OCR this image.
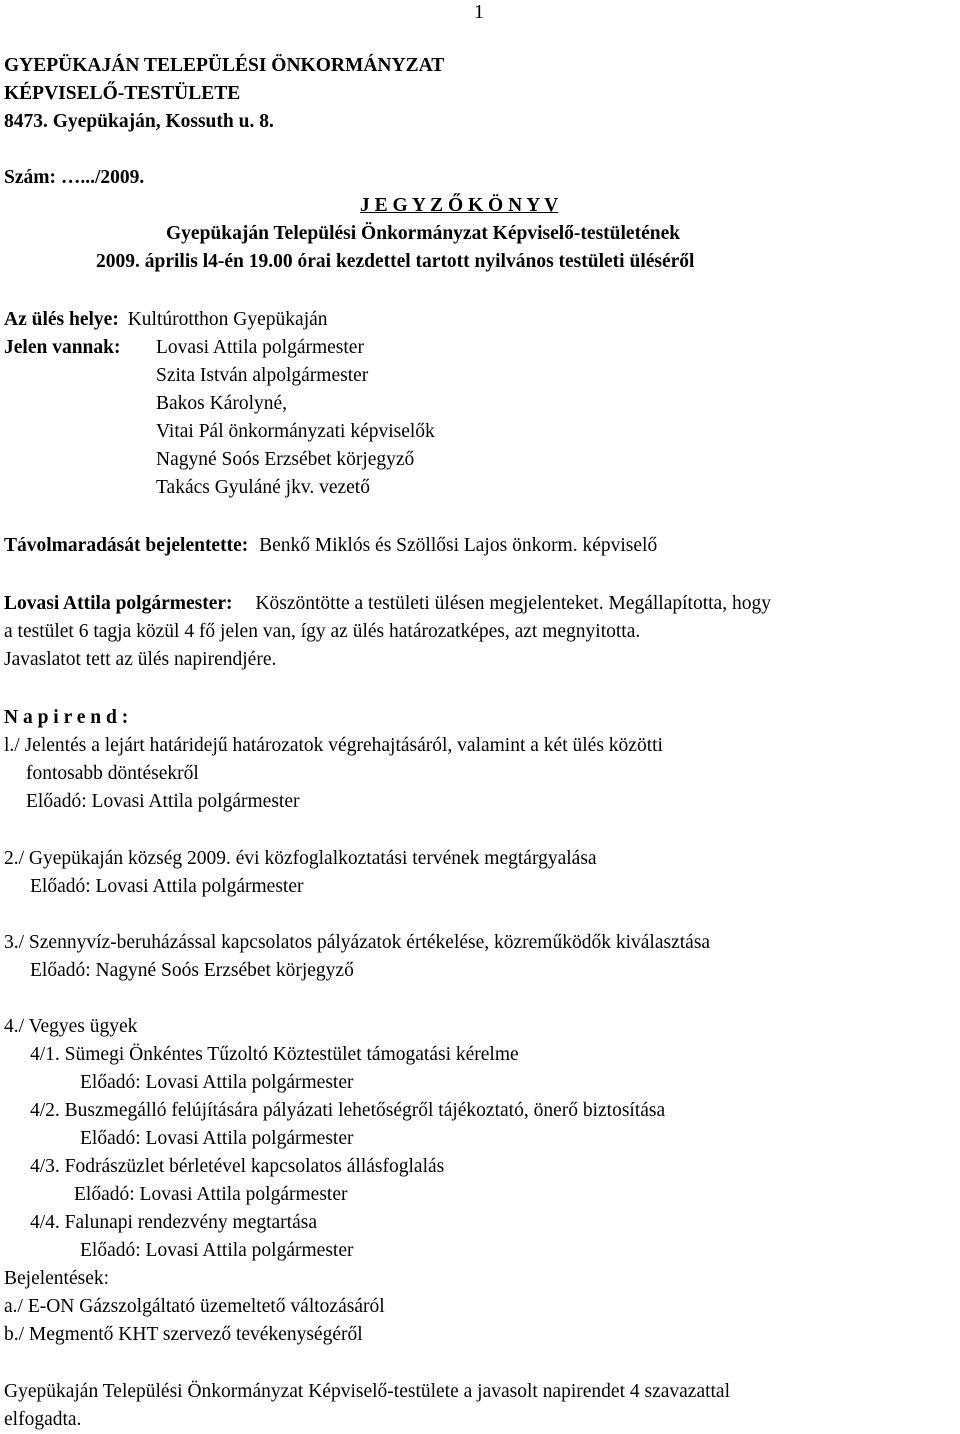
1
GYEPÜKAJÁN TELEPÜLÉSI ÖNKORMÁNYZAT
KÉPVISELŐ-TESTÜLETE
8473. Gyepükaján, Kossuth u. 8.
Szám: ….../2009.
J E G Y Z Ő K Ö N Y V
Gyepükaján Települési Önkormányzat Képviselő-testületének
2009. április l4-én 19.00 órai kezdettel tartott nyilvános testületi üléséről
Az ülés helye: Kultúrotthon Gyepükaján
Jelen vannak: Lovasi Attila polgármester
Szita István alpolgármester
Bakos Károlyné,
Vitai Pál önkormányzati képviselők
Nagyné Soós Erzsébet körjegyző
Takács Gyuláné jkv. vezető
Távolmaradását bejelentette: Benkő Miklós és Szöllősi Lajos önkorm. képviselő
Lovasi Attila polgármester: Köszöntötte a testületi ülésen megjelenteket. Megállapította, hogy
a testület 6 tagja közül 4 fő jelen van, így az ülés határozatképes, azt megnyitotta.
Javaslatot tett az ülés napirendjére.
N a p i r e n d :
l./ Jelentés a lejárt határidejű határozatok végrehajtásáról, valamint a két ülés közötti
fontosabb döntésekről
Előadó: Lovasi Attila polgármester
2./ Gyepükaján község 2009. évi közfoglalkoztatási tervének megtárgyalása
Előadó: Lovasi Attila polgármester
3./ Szennyvíz-beruházással kapcsolatos pályázatok értékelése, közreműködők kiválasztása
Előadó: Nagyné Soós Erzsébet körjegyző
4./ Vegyes ügyek
4/1. Sümegi Önkéntes Tűzoltó Köztestület támogatási kérelme
Előadó: Lovasi Attila polgármester
4/2. Buszmegálló felújítására pályázati lehetőségről tájékoztató, önerő biztosítása
Előadó: Lovasi Attila polgármester
4/3. Fodrászüzlet bérletével kapcsolatos állásfoglalás
Előadó: Lovasi Attila polgármester
4/4. Falunapi rendezvény megtartása
Előadó: Lovasi Attila polgármester
Bejelentések:
a./ E-ON Gázszolgáltató üzemeltető változásáról
b./ Megmentő KHT szervező tevékenységéről
Gyepükaján Települési Önkormányzat Képviselő-testülete a javasolt napirendet 4 szavazattal
elfogadta.
